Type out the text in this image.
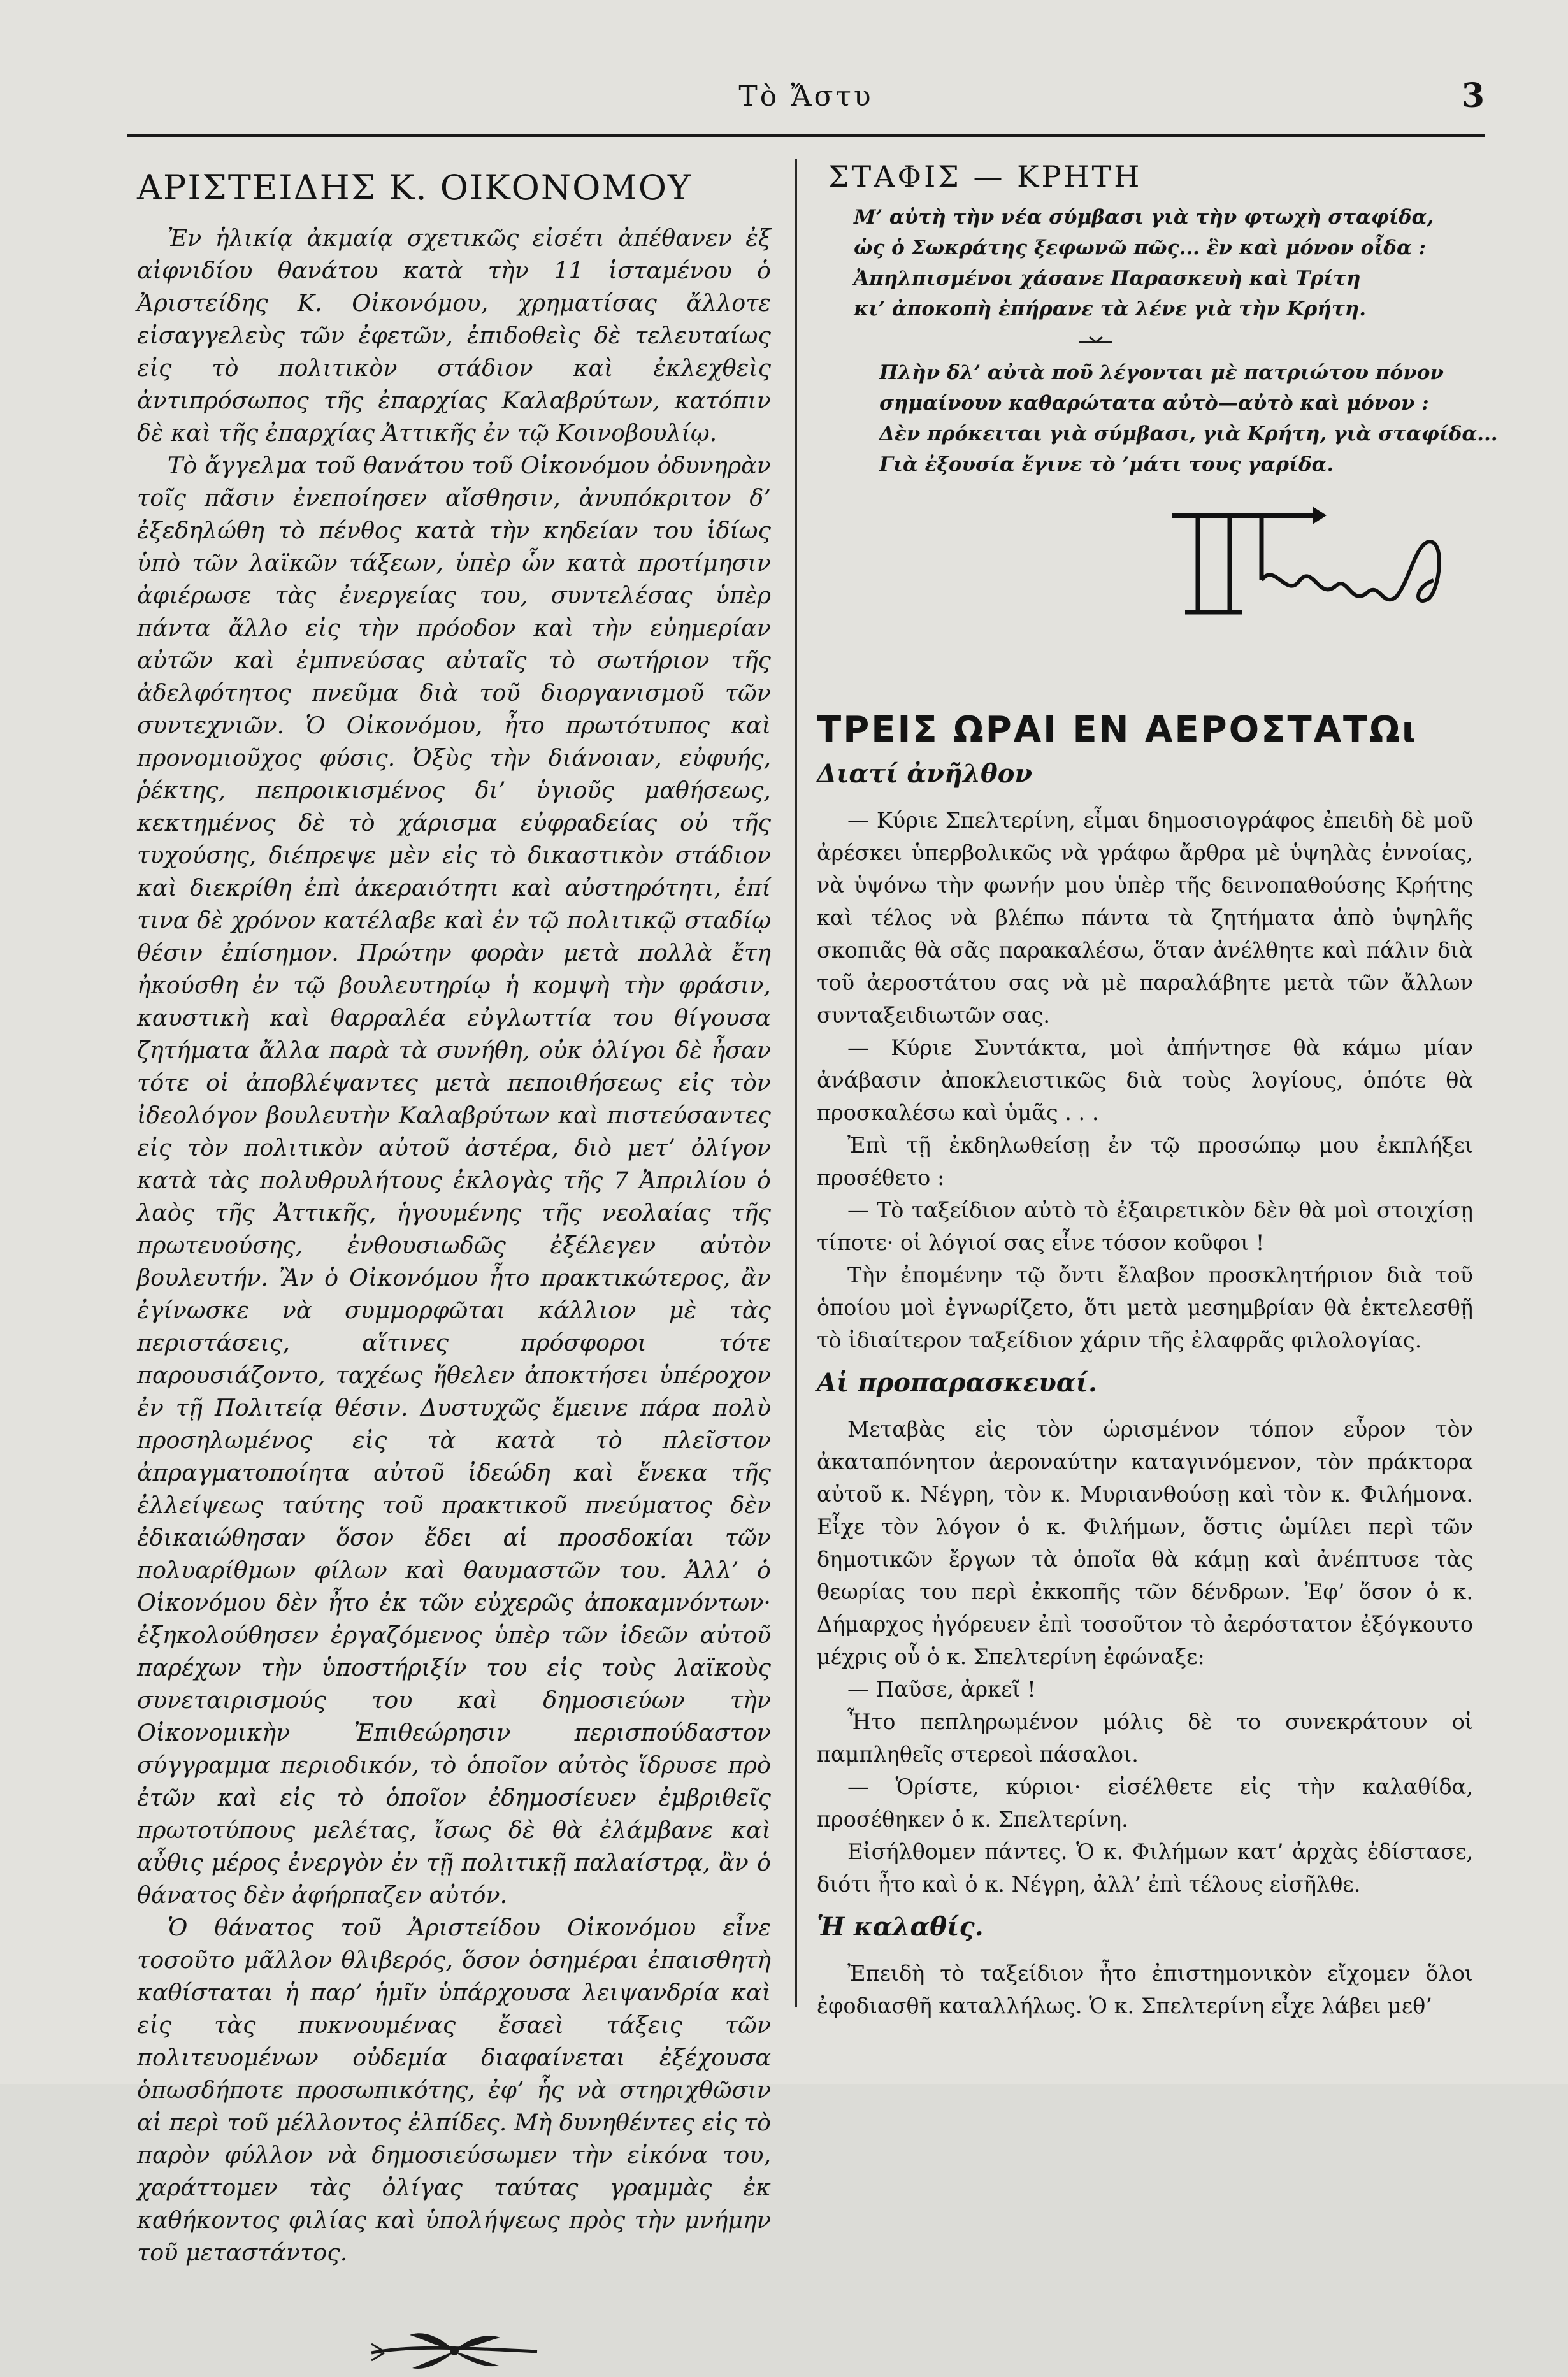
Τὸ Ἄστυ	3
ΑΡΙΣΤΕΙΔΗΣ Κ. ΟΙΚΟΝΟΜΟΥ

Ἐν ἡλικίᾳ ἀκμαίᾳ σχετικῶς εἰσέτι ἀπέθανεν ἐξ αἰφνιδίου θανάτου κατὰ τὴν 11 ἱσταμένου ὁ Ἀριστείδης Κ. Οἰκονόμου, χρηματίσας ἄλλοτε εἰσαγγελεὺς τῶν ἐφετῶν, ἐπιδοθεὶς δὲ τελευταίως εἰς τὸ πολιτικὸν στάδιον καὶ ἐκλεχθεὶς ἀντιπρόσωπος τῆς ἐπαρχίας Καλαβρύτων, κατόπιν δὲ καὶ τῆς ἐπαρχίας Ἀττικῆς ἐν τῷ Κοινοβουλίῳ.

Τὸ ἄγγελμα τοῦ θανάτου τοῦ Οἰκονόμου ὀδυνηρὰν τοῖς πᾶσιν ἐνεποίησεν αἴσθησιν, ἀνυπόκριτον δ’ ἐξεδηλώθη τὸ πένθος κατὰ τὴν κηδείαν του ἰδίως ὑπὸ τῶν λαϊκῶν τάξεων, ὑπὲρ ὧν κατὰ προτίμησιν ἀφιέρωσε τὰς ἐνεργείας του, συντελέσας ὑπὲρ πάντα ἄλλο εἰς τὴν πρόοδον καὶ τὴν εὐημερίαν αὐτῶν καὶ ἐμπνεύσας αὐταῖς τὸ σωτήριον τῆς ἀδελφότητος πνεῦμα διὰ τοῦ διοργανισμοῦ τῶν συντεχνιῶν. Ὁ Οἰκονόμου, ἦτο πρωτότυπος καὶ προνομιοῦχος φύσις. Ὀξὺς τὴν διάνοιαν, εὐφυής, ῥέκτης, πεπροικισμένος δι’ ὑγιοῦς μαθήσεως, κεκτημένος δὲ τὸ χάρισμα εὐφραδείας οὐ τῆς τυχούσης, διέπρεψε μὲν εἰς τὸ δικαστικὸν στάδιον καὶ διεκρίθη ἐπὶ ἀκεραιότητι καὶ αὐστηρότητι, ἐπί τινα δὲ χρόνον κατέλαβε καὶ ἐν τῷ πολιτικῷ σταδίῳ θέσιν ἐπίσημον. Πρώτην φορὰν μετὰ πολλὰ ἔτη ἠκούσθη ἐν τῷ βουλευτηρίῳ ἡ κομψὴ τὴν φράσιν, καυστικὴ καὶ θαρραλέα εὐγλωττία του θίγουσα ζητήματα ἄλλα παρὰ τὰ συνήθη, οὐκ ὀλίγοι δὲ ἦσαν τότε οἱ ἀποβλέψαντες μετὰ πεποιθήσεως εἰς τὸν ἰδεολόγον βουλευτὴν Καλαβρύτων καὶ πιστεύσαντες εἰς τὸν πολιτικὸν αὐτοῦ ἀστέρα, διὸ μετ’ ὀλίγον κατὰ τὰς πολυθρυλήτους ἐκλογὰς τῆς 7 Ἀπριλίου ὁ λαὸς τῆς Ἀττικῆς, ἡγουμένης τῆς νεολαίας τῆς πρωτευούσης, ἐνθουσιωδῶς ἐξέλεγεν αὐτὸν βουλευτήν. Ἂν ὁ Οἰκονόμου ἦτο πρακτικώτερος, ἂν ἐγίνωσκε νὰ συμμορφῶται κάλλιον μὲ τὰς περιστάσεις, αἵτινες πρόσφοροι τότε παρουσιάζοντο, ταχέως ἤθελεν ἀποκτήσει ὑπέροχον ἐν τῇ Πολιτείᾳ θέσιν. Δυστυχῶς ἔμεινε πάρα πολὺ προσηλωμένος εἰς τὰ κατὰ τὸ πλεῖστον ἀπραγματοποίητα αὐτοῦ ἰδεώδη καὶ ἕνεκα τῆς ἐλλείψεως ταύτης τοῦ πρακτικοῦ πνεύματος δὲν ἐδικαιώθησαν ὅσον ἔδει αἱ προσδοκίαι τῶν πολυαρίθμων φίλων καὶ θαυμαστῶν του. Ἀλλ’ ὁ Οἰκονόμου δὲν ἦτο ἐκ τῶν εὐχερῶς ἀποκαμνόντων· ἐξηκολούθησεν ἐργαζόμενος ὑπὲρ τῶν ἰδεῶν αὐτοῦ παρέχων τὴν ὑποστήριξίν του εἰς τοὺς λαϊκοὺς συνεταιρισμούς του καὶ δημοσιεύων τὴν Οἰκονομικὴν Ἐπιθεώρησιν περισπούδαστον σύγγραμμα περιοδικόν, τὸ ὁποῖον αὐτὸς ἵδρυσε πρὸ ἐτῶν καὶ εἰς τὸ ὁποῖον ἐδημοσίευεν ἐμβριθεῖς πρωτοτύπους μελέτας, ἴσως δὲ θὰ ἐλάμβανε καὶ αὖθις μέρος ἐνεργὸν ἐν τῇ πολιτικῇ παλαίστρᾳ, ἂν ὁ θάνατος δὲν ἀφήρπαζεν αὐτόν.

Ὁ θάνατος τοῦ Ἀριστείδου Οἰκονόμου εἶνε τοσοῦτο μᾶλλον θλιβερός, ὅσον ὁσημέραι ἐπαισθητὴ καθίσταται ἡ παρ’ ἡμῖν ὑπάρχουσα λειψανδρία καὶ εἰς τὰς πυκνουμένας ἔσαεὶ τάξεις τῶν πολιτευομένων οὐδεμία διαφαίνεται ἐξέχουσα ὁπωσδήποτε προσωπικότης, ἐφ’ ἧς νὰ στηριχθῶσιν αἱ περὶ τοῦ μέλλοντος ἐλπίδες. Μὴ δυνηθέντες εἰς τὸ παρὸν φύλλον νὰ δημοσιεύσωμεν τὴν εἰκόνα του, χαράττομεν τὰς ὀλίγας ταύτας γραμμὰς ἐκ καθήκοντος φιλίας καὶ ὑπολήψεως πρὸς τὴν μνήμην τοῦ μεταστάντος.

ΣΤΑΦΙΣ — ΚΡΗΤΗ

Μ’ αὐτὴ τὴν νέα σύμβασι γιὰ τὴν φτωχὴ σταφίδα,

ὡς ὁ Σωκράτης ξεφωνῶ πῶς... ἓν καὶ μόνον οἶδα :

Ἀπηλπισμένοι χάσανε Παρασκευὴ καὶ Τρίτη

κι’ ἀποκοπὴ ἐπήρανε τὰ λένε γιὰ τὴν Κρήτη.

Πλὴν δλ’ αὐτὰ ποῦ λέγονται μὲ πατριώτου πόνον

σημαίνουν καθαρώτατα αὐτὸ—αὐτὸ καὶ μόνον :

Δὲν πρόκειται γιὰ σύμβασι, γιὰ Κρήτη, γιὰ σταφίδα...

Γιὰ ἐξουσία ἔγινε τὸ ’μάτι τους γαρίδα.

ΤΡΕΙΣ ΩΡΑΙ ΕΝ ΑΕΡΟΣΤΑΤΩι
Διατί ἀνῆλθον

— Κύριε Σπελτερίνη, εἶμαι δημοσιογράφος ἐπειδὴ δὲ μοῦ ἀρέσκει ὑπερβολικῶς νὰ γράφω ἄρθρα μὲ ὑψηλὰς ἐννοίας, νὰ ὑψόνω τὴν φωνήν μου ὑπὲρ τῆς δεινοπαθούσης Κρήτης καὶ τέλος νὰ βλέπω πάντα τὰ ζητήματα ἀπὸ ὑψηλῆς σκοπιᾶς θὰ σᾶς παρακαλέσω, ὅταν ἀνέλθητε καὶ πάλιν διὰ τοῦ ἀεροστάτου σας νὰ μὲ παραλάβητε μετὰ τῶν ἄλλων συνταξειδιωτῶν σας.

— Κύριε Συντάκτα, μοὶ ἀπήντησε θὰ κάμω μίαν ἀνάβασιν ἀποκλειστικῶς διὰ τοὺς λογίους, ὁπότε θὰ προσκαλέσω καὶ ὑμᾶς . . .

Ἐπὶ τῇ ἐκδηλωθείσῃ ἐν τῷ προσώπῳ μου ἐκπλήξει προσέθετο :

— Τὸ ταξείδιον αὐτὸ τὸ ἐξαιρετικὸν δὲν θὰ μοὶ στοιχίσῃ τίποτε· οἱ λόγιοί σας εἶνε τόσον κοῦφοι !

Τὴν ἐπομένην τῷ ὄντι ἔλαβον προσκλητήριον διὰ τοῦ ὁποίου μοὶ ἐγνωρίζετο, ὅτι μετὰ μεσημβρίαν θὰ ἐκτελεσθῇ τὸ ἰδιαίτερον ταξείδιον χάριν τῆς ἐλαφρᾶς φιλολογίας.

Αἱ προπαρασκευαί.

Μεταβὰς εἰς τὸν ὡρισμένον τόπον εὗρον τὸν ἀκαταπόνητον ἀεροναύτην καταγινόμενον, τὸν πράκτορα αὐτοῦ κ. Νέγρη, τὸν κ. Μυριανθούσῃ καὶ τὸν κ. Φιλήμονα. Εἶχε τὸν λόγον ὁ κ. Φιλήμων, ὅστις ὡμίλει περὶ τῶν δημοτικῶν ἔργων τὰ ὁποῖα θὰ κάμῃ καὶ ἀνέπτυσε τὰς θεωρίας του περὶ ἐκκοπῆς τῶν δένδρων. Ἐφ’ ὅσον ὁ κ. Δήμαρχος ἠγόρευεν ἐπὶ τοσοῦτον τὸ ἀερόστατον ἐξόγκουτο μέχρις οὗ ὁ κ. Σπελτερίνη ἐφώναξε:

— Παῦσε, ἀρκεῖ !

Ἦτο πεπληρωμένον μόλις δὲ το συνεκράτουν οἱ παμπληθεῖς στερεοὶ πάσαλοι.

— Ὁρίστε, κύριοι· εἰσέλθετε εἰς τὴν καλαθίδα, προσέθηκεν ὁ κ. Σπελτερίνη.

Εἰσήλθομεν πάντες. Ὁ κ. Φιλήμων κατ’ ἀρχὰς ἐδίστασε, διότι ἦτο καὶ ὁ κ. Νέγρη, ἀλλ’ ἐπὶ τέλους εἰσῆλθε.

Ἡ καλαθίς.

Ἐπειδὴ τὸ ταξείδιον ἦτο ἐπιστημονικὸν εἴχομεν ὅλοι ἐφοδιασθῆ καταλλήλως. Ὁ κ. Σπελτερίνη εἶχε λάβει μεθ’
